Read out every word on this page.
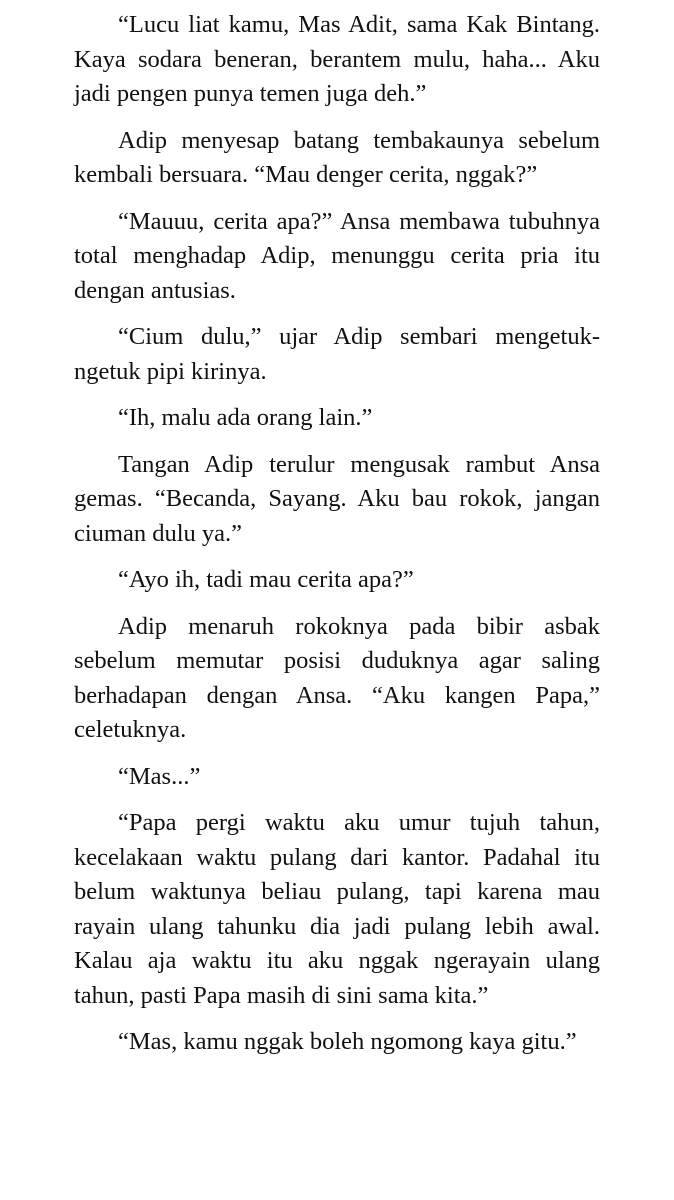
“Lucu liat kamu, Mas Adit, sama Kak Bintang. Kaya sodara beneran, berantem mulu, haha... Aku jadi pengen punya temen juga deh.”

Adip menyesap batang tembakaunya sebelum kembali bersuara. “Mau denger cerita, nggak?”

“Mauuu, cerita apa?” Ansa membawa tubuhnya total menghadap Adip, menunggu cerita pria itu dengan antusias.

“Cium dulu,” ujar Adip sembari mengetuk-ngetuk pipi kirinya.

“Ih, malu ada orang lain.”

Tangan Adip terulur mengusak rambut Ansa gemas. “Becanda, Sayang. Aku bau rokok, jangan ciuman dulu ya.”

“Ayo ih, tadi mau cerita apa?”

Adip menaruh rokoknya pada bibir asbak sebelum memutar posisi duduknya agar saling berhadapan dengan Ansa. “Aku kangen Papa,” celetuknya.

“Mas...”

“Papa pergi waktu aku umur tujuh tahun, kecelakaan waktu pulang dari kantor. Padahal itu belum waktunya beliau pulang, tapi karena mau rayain ulang tahunku dia jadi pulang lebih awal. Kalau aja waktu itu aku nggak ngerayain ulang tahun, pasti Papa masih di sini sama kita.”

“Mas, kamu nggak boleh ngomong kaya gitu.”
